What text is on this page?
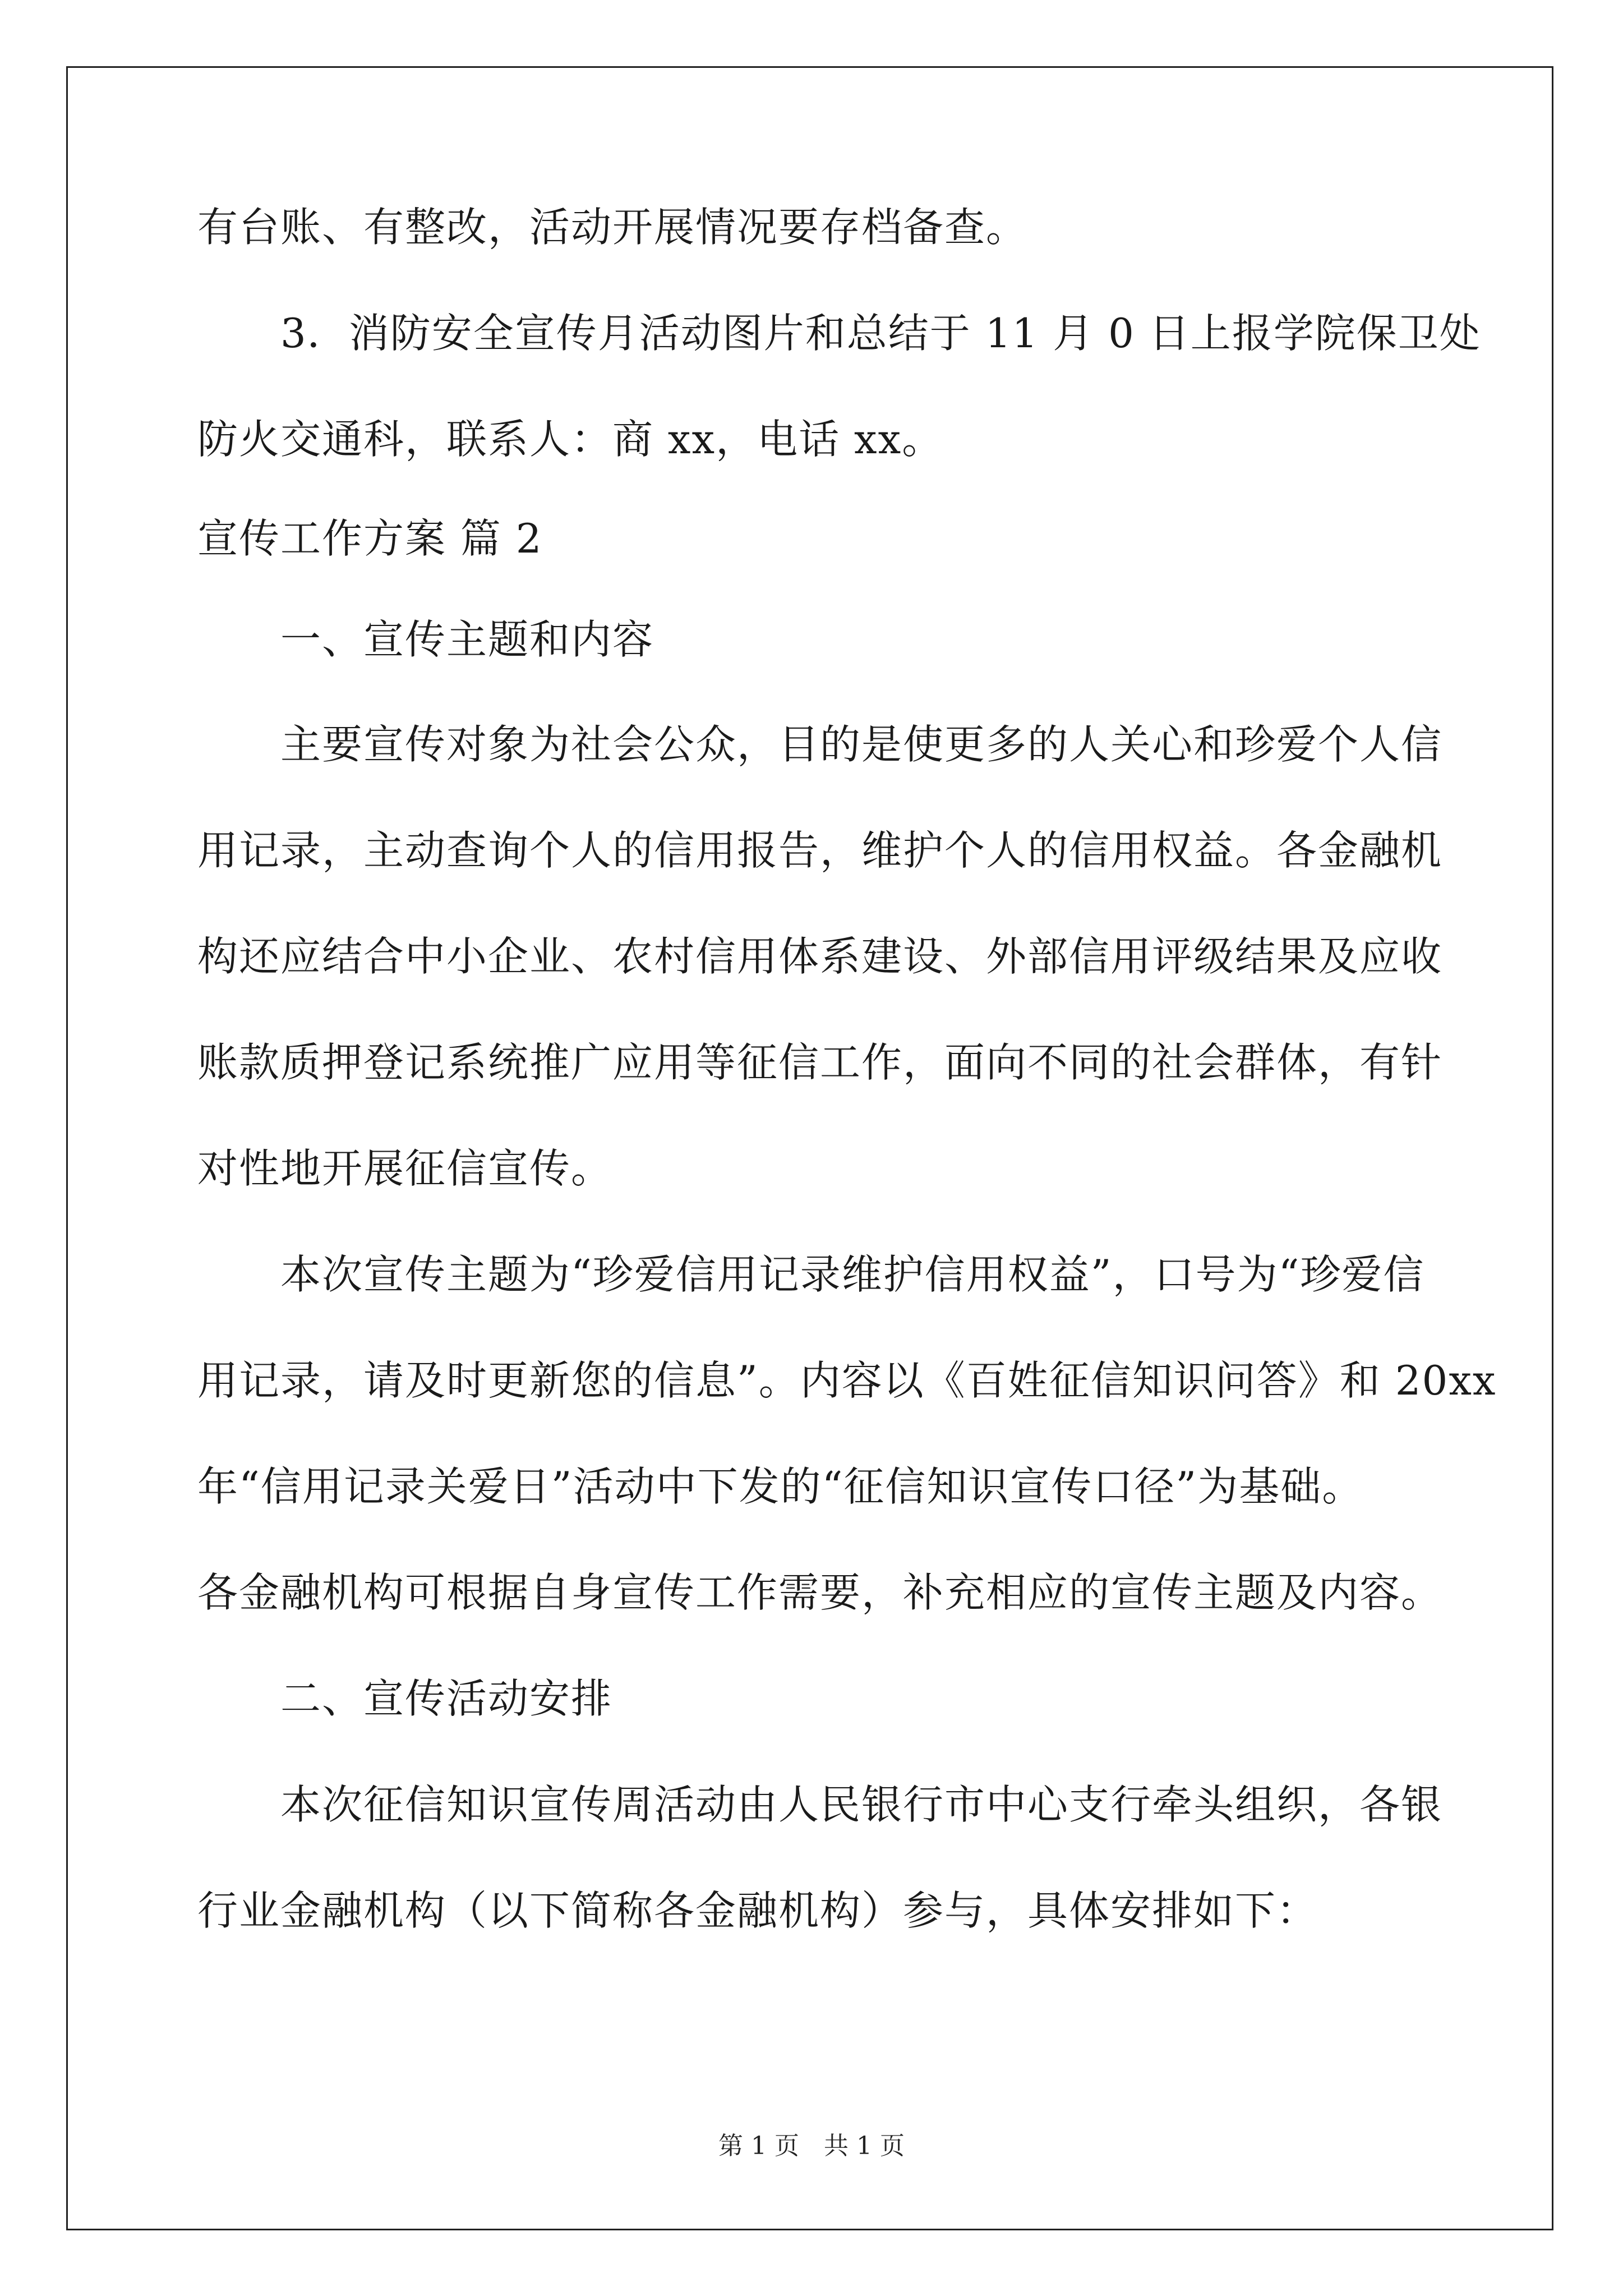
有台账、有整改，活动开展情况要存档备查。
3．消防安全宣传月活动图片和总结于 11 月 0 日上报学院保卫处
防火交通科，联系人：商 xx，电话 xx。
宣传工作方案 篇 2
一、宣传主题和内容
主要宣传对象为社会公众，目的是使更多的人关心和珍爱个人信
用记录，主动查询个人的信用报告，维护个人的信用权益。各金融机
构还应结合中小企业、农村信用体系建设、外部信用评级结果及应收
账款质押登记系统推广应用等征信工作，面向不同的社会群体，有针
对性地开展征信宣传。
本次宣传主题为“珍爱信用记录维护信用权益”，口号为“珍爱信
用记录，请及时更新您的信息”。内容以《百姓征信知识问答》和 20xx
年“信用记录关爱日”活动中下发的“征信知识宣传口径”为基础。
各金融机构可根据自身宣传工作需要，补充相应的宣传主题及内容。
二、宣传活动安排
本次征信知识宣传周活动由人民银行市中心支行牵头组织，各银
行业金融机构（以下简称各金融机构）参与，具体安排如下：
第 1 页　共 1 页
